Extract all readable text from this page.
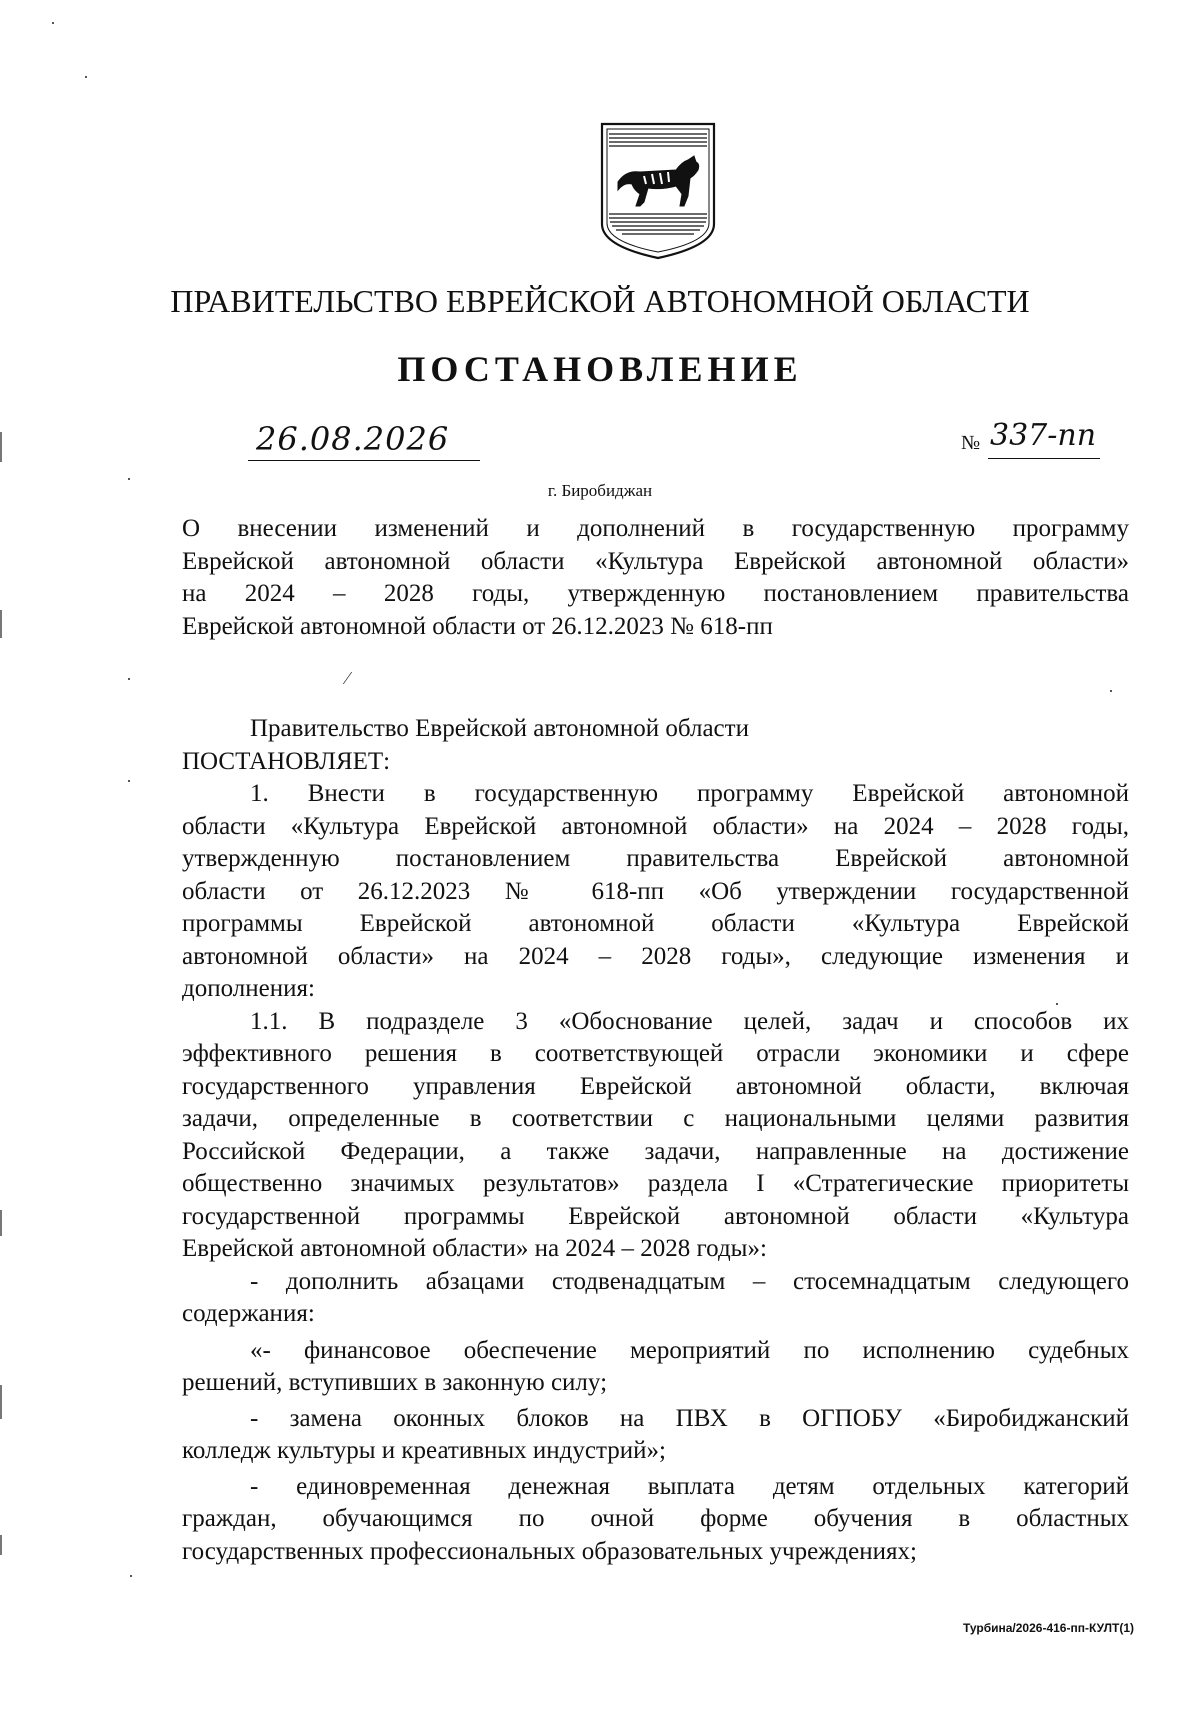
ПРАВИТЕЛЬСТВО ЕВРЕЙСКОЙ АВТОНОМНОЙ ОБЛАСТИ
ПОСТАНОВЛЕНИЕ
26.08.2026	№ 337-пп
г. Биробиджан
О внесении изменений и дополнений в государственную программу
Еврейской автономной области «Культура Еврейской автономной области»
на 2024 – 2028 годы, утвержденную постановлением правительства
Еврейской автономной области от 26.12.2023 № 618-пп
Правительство Еврейской автономной области
ПОСТАНОВЛЯЕТ:
1. Внести в государственную программу Еврейской автономной
области «Культура Еврейской автономной области» на 2024 – 2028 годы,
утвержденную постановлением правительства Еврейской автономной
области от 26.12.2023 № 618-пп «Об утверждении государственной
программы Еврейской автономной области «Культура Еврейской
автономной области» на 2024 – 2028 годы», следующие изменения и
дополнения:
1.1. В подразделе 3 «Обоснование целей, задач и способов их
эффективного решения в соответствующей отрасли экономики и сфере
государственного управления Еврейской автономной области, включая
задачи, определенные в соответствии с национальными целями развития
Российской Федерации, а также задачи, направленные на достижение
общественно значимых результатов» раздела I «Стратегические приоритеты
государственной программы Еврейской автономной области «Культура
Еврейской автономной области» на 2024 – 2028 годы»:
- дополнить абзацами стодвенадцатым – стосемнадцатым следующего
содержания:
«- финансовое обеспечение мероприятий по исполнению судебных
решений, вступивших в законную силу;
- замена оконных блоков на ПВХ в ОГПОБУ «Биробиджанский
колледж культуры и креативных индустрий»;
- единовременная денежная выплата детям отдельных категорий
граждан, обучающимся по очной форме обучения в областных
государственных профессиональных образовательных учреждениях;
Турбина/2026-416-пп-КУЛТ(1)
⁄
